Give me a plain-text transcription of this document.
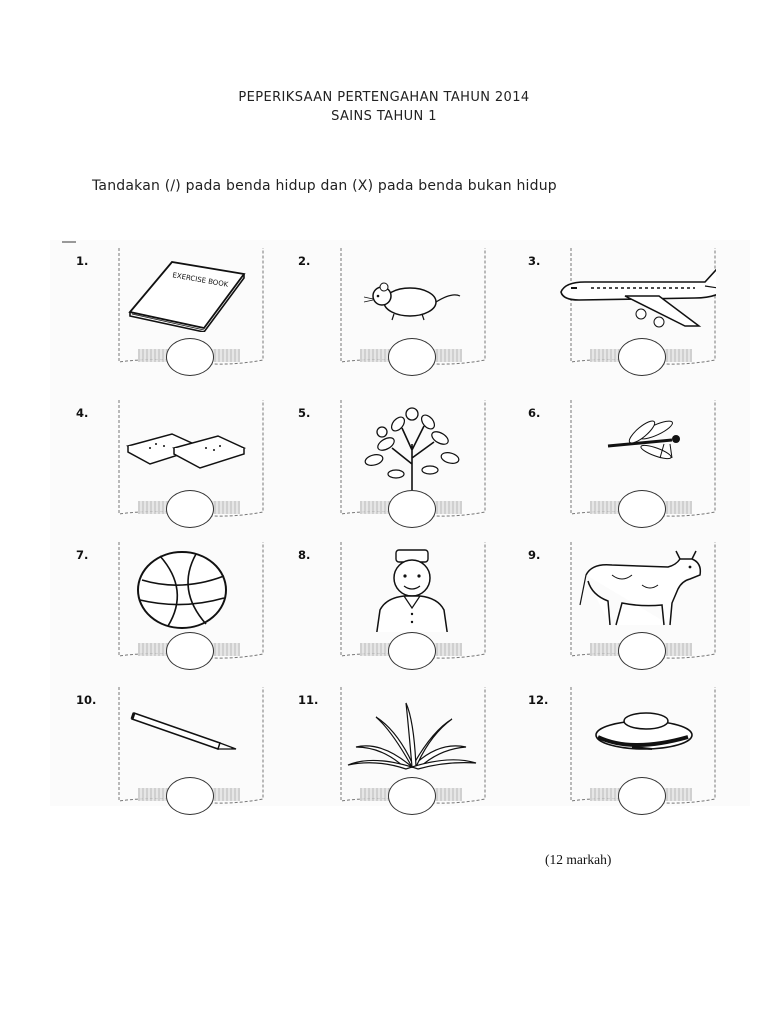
PEPERIKSAAN PERTENGAHAN TAHUN 2014
SAINS TAHUN 1
Tandakan (/) pada benda hidup dan (X) pada benda bukan hidup
1.
EXERCISE BOOK
2.	3.
4.	5.	6.
7.	8.	9.
10.	11.	12.
(12 markah)
